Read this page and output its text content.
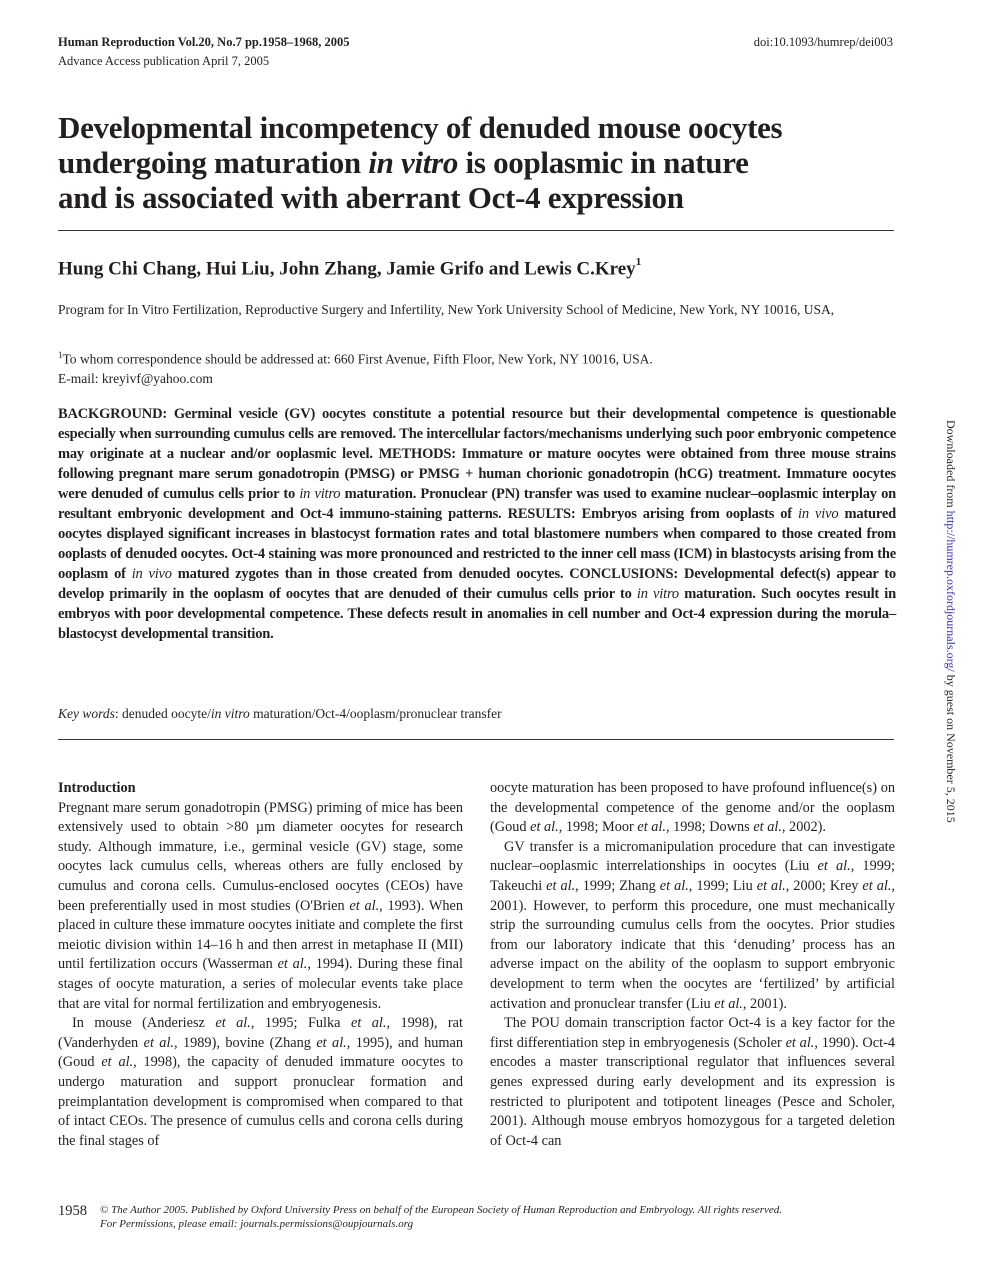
Human Reproduction Vol.20, No.7 pp.1958–1968, 2005
Advance Access publication April 7, 2005
doi:10.1093/humrep/dei003
Developmental incompetency of denuded mouse oocytes
undergoing maturation in vitro is ooplasmic in nature
and is associated with aberrant Oct-4 expression
Hung Chi Chang, Hui Liu, John Zhang, Jamie Grifo and Lewis C.Krey$^1$
Program for In Vitro Fertilization, Reproductive Surgery and Infertility, New York University School of Medicine, New York, NY 10016, USA,
$^1$To whom correspondence should be addressed at: 660 First Avenue, Fifth Floor, New York, NY 10016, USA.
E-mail: kreyivf@yahoo.com
BACKGROUND: Germinal vesicle (GV) oocytes constitute a potential resource but their developmental competence is questionable especially when surrounding cumulus cells are removed. The intercellular factors/mechanisms underlying such poor embryonic competence may originate at a nuclear and/or ooplasmic level. METHODS: Immature or mature oocytes were obtained from three mouse strains following pregnant mare serum gonadotropin (PMSG) or PMSG + human chorionic gonadotropin (hCG) treatment. Immature oocytes were denuded of cumulus cells prior to in vitro maturation. Pronuclear (PN) transfer was used to examine nuclear–ooplasmic interplay on resultant embryonic development and Oct-4 immuno-staining patterns. RESULTS: Embryos arising from ooplasts of in vivo matured oocytes displayed significant increases in blastocyst formation rates and total blastomere numbers when compared to those created from ooplasts of denuded oocytes. Oct-4 staining was more pronounced and restricted to the inner cell mass (ICM) in blastocysts arising from the ooplasm of in vivo matured zygotes than in those created from denuded oocytes. CONCLUSIONS: Developmental defect(s) appear to develop primarily in the ooplasm of oocytes that are denuded of their cumulus cells prior to in vitro maturation. Such oocytes result in embryos with poor developmental competence. These defects result in anomalies in cell number and Oct-4 expression during the morula–blastocyst developmental transition.
Key words: denuded oocyte/in vitro maturation/Oct-4/ooplasm/pronuclear transfer
Introduction

Pregnant mare serum gonadotropin (PMSG) priming of mice has been extensively used to obtain >80 µm diameter oocytes for research study. Although immature, i.e., germinal vesicle (GV) stage, some oocytes lack cumulus cells, whereas others are fully enclosed by cumulus and corona cells. Cumulus-enclosed oocytes (CEOs) have been preferentially used in most studies (O'Brien et al., 1993). When placed in culture these immature oocytes initiate and complete the first meiotic division within 14–16 h and then arrest in metaphase II (MII) until fertilization occurs (Wasserman et al., 1994). During these final stages of oocyte maturation, a series of molecular events take place that are vital for normal fertilization and embryogenesis.

In mouse (Anderiesz et al., 1995; Fulka et al., 1998), rat (Vanderhyden et al., 1989), bovine (Zhang et al., 1995), and human (Goud et al., 1998), the capacity of denuded immature oocytes to undergo maturation and support pronuclear formation and preimplantation development is compromised when compared to that of intact CEOs. The presence of cumulus cells and corona cells during the final stages of

oocyte maturation has been proposed to have profound influence(s) on the developmental competence of the genome and/or the ooplasm (Goud et al., 1998; Moor et al., 1998; Downs et al., 2002).

GV transfer is a micromanipulation procedure that can investigate nuclear–ooplasmic interrelationships in oocytes (Liu et al., 1999; Takeuchi et al., 1999; Zhang et al., 1999; Liu et al., 2000; Krey et al., 2001). However, to perform this procedure, one must mechanically strip the surrounding cumulus cells from the oocytes. Prior studies from our laboratory indicate that this ‘denuding’ process has an adverse impact on the ability of the ooplasm to support embryonic development to term when the oocytes are ‘fertilized’ by artificial activation and pronuclear transfer (Liu et al., 2001).

The POU domain transcription factor Oct-4 is a key factor for the first differentiation step in embryogenesis (Scholer et al., 1990). Oct-4 encodes a master transcriptional regulator that influences several genes expressed during early development and its expression is restricted to pluripotent and totipotent lineages (Pesce and Scholer, 2001). Although mouse embryos homozygous for a targeted deletion of Oct-4 can

1958 © The Author 2005. Published by Oxford University Press on behalf of the European Society of Human Reproduction and Embryology. All rights reserved.
For Permissions, please email: journals.permissions@oupjournals.org
Downloaded from http://humrep.oxfordjournals.org/ by guest on November 5, 2015
